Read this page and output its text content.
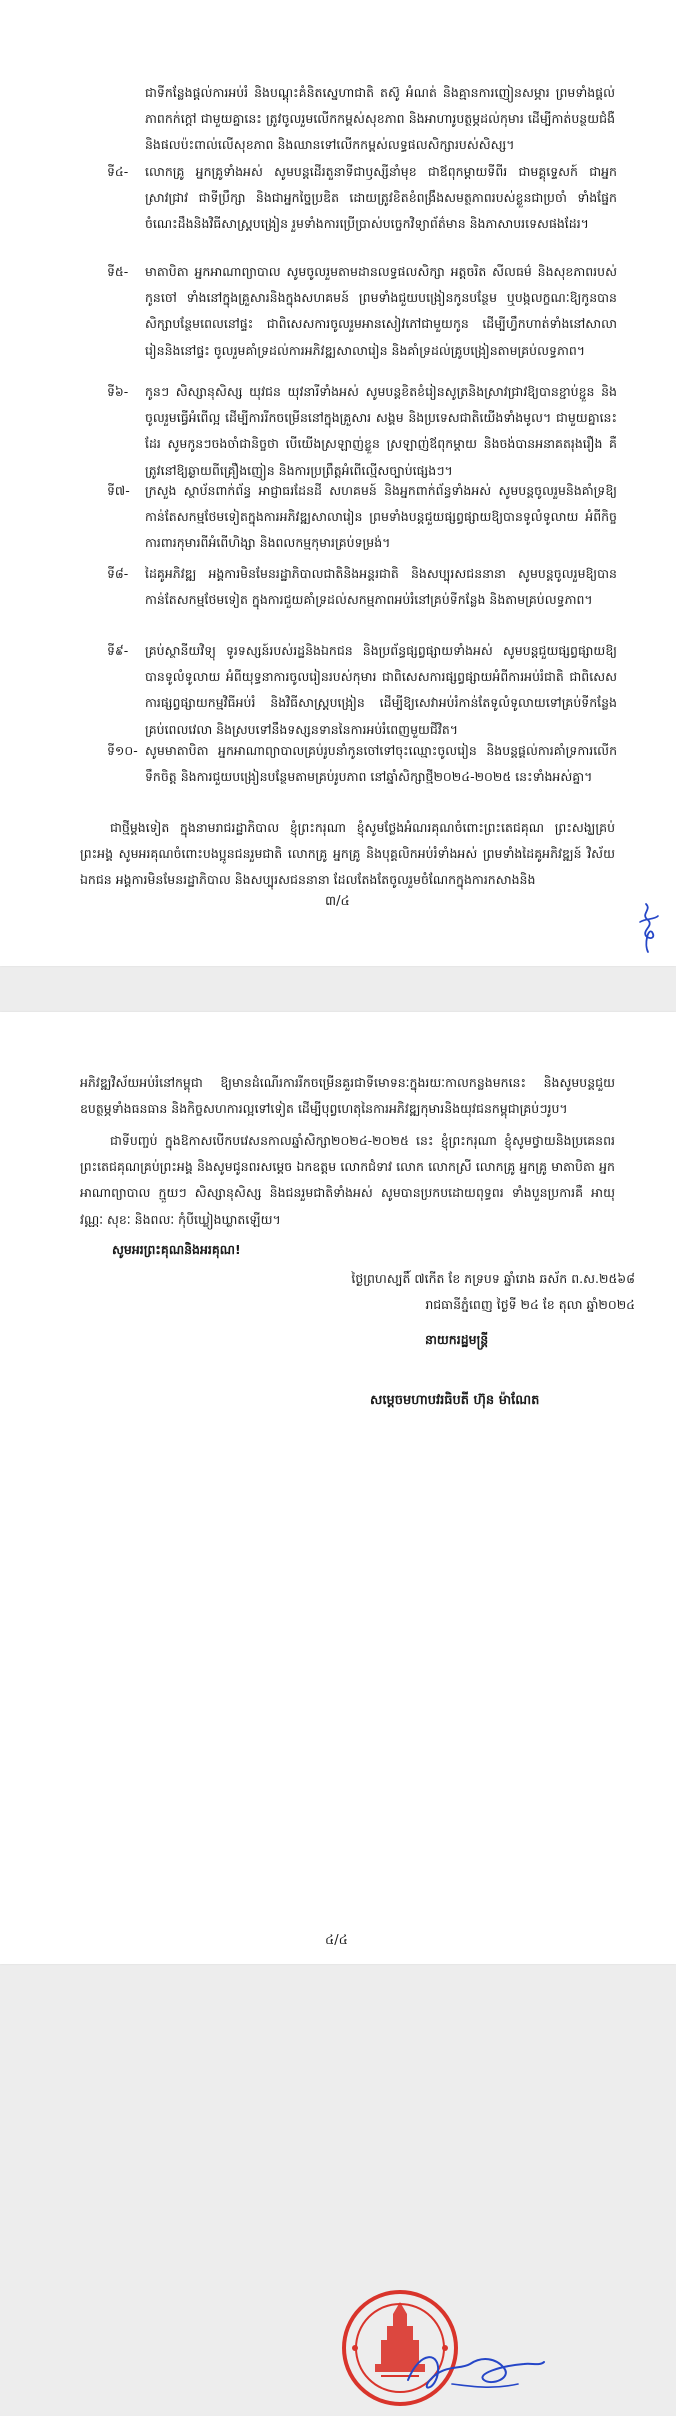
ជាទីកន្លែងផ្តល់ការអប់រំ និងបណ្តុះគំនិតស្នេហាជាតិ តស៊ូ អំណត់ និងគ្មានការញៀនសម្ភារ ព្រមទាំងផ្តល់ភាពកក់ក្តៅ ជាមួយគ្នានេះ ត្រូវចូលរួមលើកកម្ពស់សុខភាព និងអាហារូបត្ថម្ភដល់កុមារ ដើម្បីកាត់បន្ថយជំងឺនិងផលប៉ះពាល់លើសុខភាព និងឈានទៅលើកកម្ពស់លទ្ធផលសិក្សារបស់សិស្ស។
ទី៤-	លោកគ្រូ អ្នកគ្រូទាំងអស់ សូមបន្តដើរតួនាទីជាឫស្សីនាំមុខ ជាឪពុកម្តាយទីពីរ ជាមគ្គុទ្ទេសក៍ ជាអ្នកស្រាវជ្រាវ ជាទីប្រឹក្សា និងជាអ្នកច្នៃប្រឌិត ដោយត្រូវខិតខំពង្រឹងសមត្ថភាពរបស់ខ្លួនជាប្រចាំ ទាំងផ្នែកចំណេះដឹងនិងវិធីសាស្ត្របង្រៀន រួមទាំងការប្រើប្រាស់បច្ចេកវិទ្យាព័ត៌មាន និងភាសាបរទេសផងដែរ។
ទី៥-	មាតាបិតា អ្នកអាណាព្យាបាល សូមចូលរួមតាមដានលទ្ធផលសិក្សា អត្តចរិត សីលធម៌ និងសុខភាពរបស់កូនចៅ ទាំងនៅក្នុងគ្រួសារនិងក្នុងសហគមន៍ ព្រមទាំងជួយបង្រៀនកូនបន្ថែម ឬបង្កលក្ខណៈឱ្យកូនបានសិក្សាបន្ថែមពេលនៅផ្ទះ ជាពិសេសការចូលរួមអានសៀវភៅជាមួយកូន ដើម្បីហ្វឹកហាត់ទាំងនៅសាលារៀននិងនៅផ្ទះ ចូលរួមគាំទ្រដល់ការអភិវឌ្ឍសាលារៀន និងគាំទ្រដល់គ្រូបង្រៀនតាមគ្រប់លទ្ធភាព។
ទី៦-	កូនៗ សិស្សានុសិស្ស យុវជន យុវនារីទាំងអស់ សូមបន្តខិតខំរៀនសូត្រនិងស្រាវជ្រាវឱ្យបានខ្ជាប់ខ្ជួន និងចូលរួមធ្វើអំពើល្អ ដើម្បីការរីកចម្រើននៅក្នុងគ្រួសារ សង្គម និងប្រទេសជាតិយើងទាំងមូល។ ជាមួយគ្នានេះដែរ សូមកូនៗចងចាំជានិច្ចថា បើយើងស្រឡាញ់ខ្លួន ស្រឡាញ់ឪពុកម្តាយ និងចង់បានអនាគតរុងរឿង គឺត្រូវនៅឱ្យឆ្ងាយពីគ្រឿងញៀន និងការប្រព្រឹត្តអំពើល្មើសច្បាប់ផ្សេងៗ។
ទី៧-	ក្រសួង ស្ថាប័នពាក់ព័ន្ធ អាជ្ញាធរដែនដី សហគមន៍ និងអ្នកពាក់ព័ន្ធទាំងអស់ សូមបន្តចូលរួមនិងគាំទ្រឱ្យកាន់តែសកម្មថែមទៀតក្នុងការអភិវឌ្ឍសាលារៀន ព្រមទាំងបន្តជួយផ្សព្វផ្សាយឱ្យបានទូលំទូលាយ អំពីកិច្ចការពារកុមារពីអំពើហិង្សា និងពលកម្មកុមារគ្រប់ទម្រង់។
ទី៨-	ដៃគូអភិវឌ្ឍ អង្គការមិនមែនរដ្ឋាភិបាលជាតិនិងអន្តរជាតិ និងសប្បុរសជននានា សូមបន្តចូលរួមឱ្យបានកាន់តែសកម្មថែមទៀត ក្នុងការជួយគាំទ្រដល់សកម្មភាពអប់រំនៅគ្រប់ទីកន្លែង និងតាមគ្រប់លទ្ធភាព។
ទី៩-	គ្រប់ស្ថានីយវិទ្យុ ទូរទស្សន៍របស់រដ្ឋនិងឯកជន និងប្រព័ន្ធផ្សព្វផ្សាយទាំងអស់ សូមបន្តជួយផ្សព្វផ្សាយឱ្យបានទូលំទូលាយ អំពីយុទ្ធនាការចូលរៀនរបស់កុមារ ជាពិសេសការផ្សព្វផ្សាយអំពីការអប់រំជាតិ ជាពិសេសការផ្សព្វផ្សាយកម្មវិធីអប់រំ និងវិធីសាស្ត្របង្រៀន ដើម្បីឱ្យសេវាអប់រំកាន់តែទូលំទូលាយទៅគ្រប់ទីកន្លែង គ្រប់ពេលវេលា និងស្របទៅនឹងទស្សនទាននៃការអប់រំពេញមួយជីវិត។
ទី១០- សូមមាតាបិតា អ្នកអាណាព្យាបាលគ្រប់រូបនាំកូនចៅទៅចុះឈ្មោះចូលរៀន និងបន្តផ្តល់ការគាំទ្រការលើកទឹកចិត្ត និងការជួយបង្រៀនបន្ថែមតាមគ្រប់រូបភាព នៅឆ្នាំសិក្សាថ្មី២០២៤-២០២៥ នេះទាំងអស់គ្នា។
ជាថ្មីម្តងទៀត ក្នុងនាមរាជរដ្ឋាភិបាល ខ្ញុំព្រះករុណា ខ្ញុំសូមថ្លែងអំណរគុណចំពោះព្រះតេជគុណ ព្រះសង្ឃគ្រប់ព្រះអង្គ សូមអរគុណចំពោះបងប្អូនជនរួមជាតិ លោកគ្រូ អ្នកគ្រូ និងបុគ្គលិកអប់រំទាំងអស់ ព្រមទាំងដៃគូអភិវឌ្ឍន៍ វិស័យឯកជន អង្គការមិនមែនរដ្ឋាភិបាល និងសប្បុរសជននានា ដែលតែងតែចូលរួមចំណែកក្នុងការកសាងនិង
៣/៤
អភិវឌ្ឍវិស័យអប់រំនៅកម្ពុជា ឱ្យមានដំណើរការរីកចម្រើនគួរជាទីមោទនៈក្នុងរយៈកាលកន្លងមកនេះ និងសូមបន្តជួយឧបត្ថម្ភទាំងធនធាន និងកិច្ចសហការល្អទៅទៀត ដើម្បីបុព្វហេតុនៃការអភិវឌ្ឍកុមារនិងយុវជនកម្ពុជាគ្រប់ៗរូប។
ជាទីបញ្ចប់ ក្នុងឱកាសបើកបវេសនកាលឆ្នាំសិក្សា២០២៤-២០២៥ នេះ ខ្ញុំព្រះករុណា ខ្ញុំសូមថ្វាយនិងប្រគេនពរព្រះតេជគុណគ្រប់ព្រះអង្គ និងសូមជូនពរសម្តេច ឯកឧត្តម លោកជំទាវ លោក លោកស្រី លោកគ្រូ អ្នកគ្រូ មាតាបិតា អ្នកអាណាព្យាបាល ក្មួយៗ សិស្សានុសិស្ស និងជនរួមជាតិទាំងអស់ សូមបានប្រកបដោយពុទ្ធពរ ទាំងបួនប្រការគឺ អាយុ វណ្ណៈ សុខៈ និងពលៈ កុំបីឃ្លៀងឃ្លាតឡើយ។
សូមអរព្រះគុណនិងអរគុណ!
ថ្ងៃព្រហស្បតិ៍ ៧កើត ខែ ភទ្របទ ឆ្នាំរោង ឆស័ក ព.ស.២៥៦៨
រាជធានីភ្នំពេញ ថ្ងៃទី ២៤ ខែ តុលា ឆ្នាំ២០២៤
នាយករដ្ឋមន្ត្រី
សម្តេចមហាបវរធិបតី ហ៊ុន ម៉ាណែត
៤/៤
